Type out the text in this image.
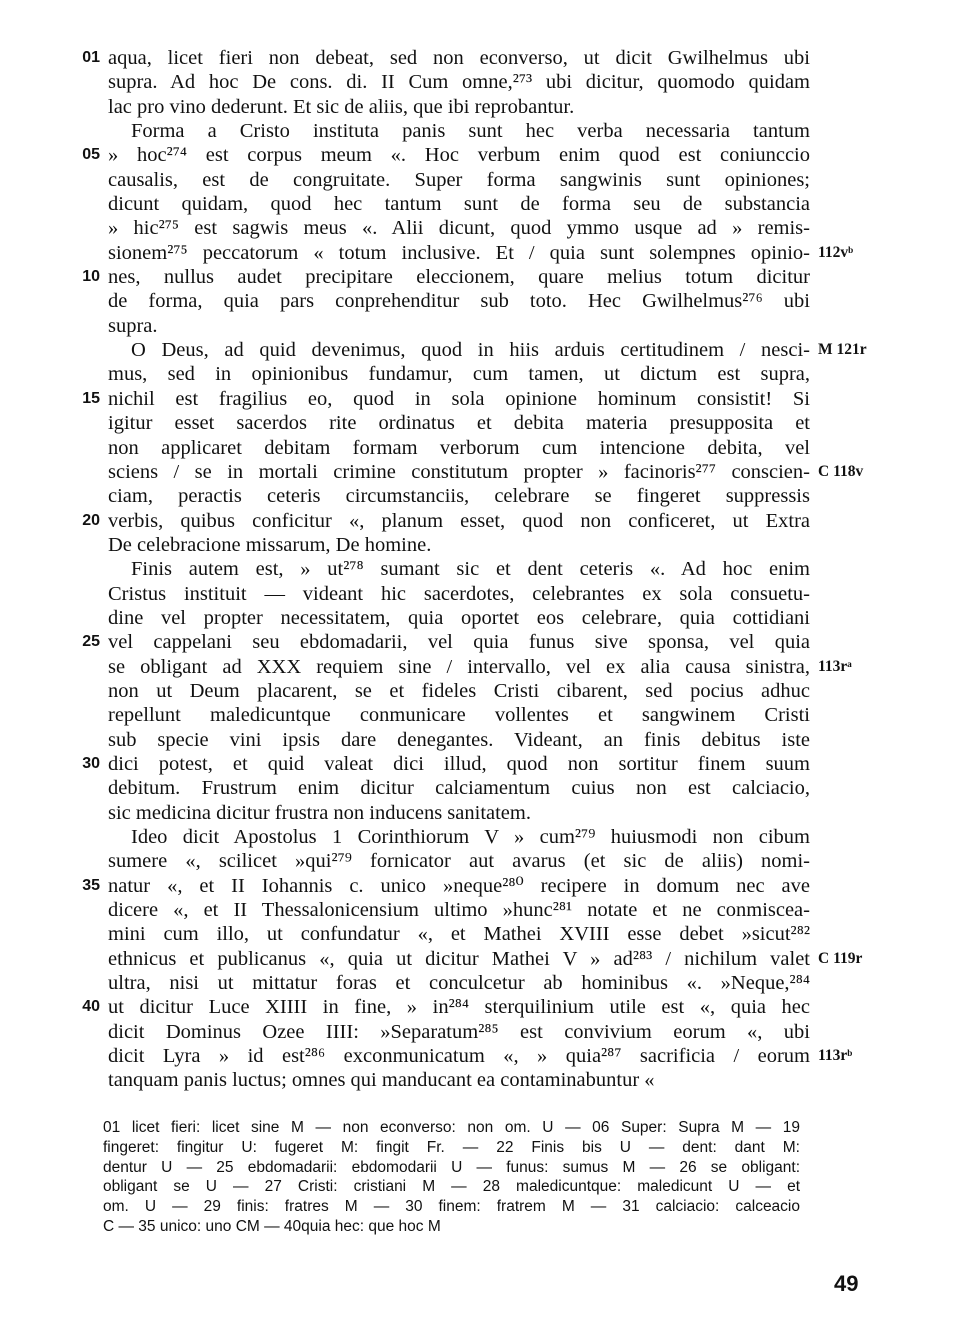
01 aqua, licet fieri non debeat, sed non econverso, ut dicit Gwilhelmus ubi
supra. Ad hoc De cons. di. II Cum omne,²⁷³ ubi dicitur, quomodo quidam
lac pro vino dederunt. Et sic de aliis, que ibi reprobantur.
Forma a Cristo instituta panis sunt hec verba necessaria tantum
05 » hoc²⁷⁴ est corpus meum «. Hoc verbum enim quod est coniunccio
causalis, est de congruitate. Super forma sangwinis sunt opiniones;
dicunt quidam, quod hec tantum sunt de forma seu de substancia
» hic²⁷⁵ est sagwis meus «. Alii dicunt, quod ymmo usque ad » remis-
sionem²⁷⁵ peccatorum « totum inclusive. Et / quia sunt solempnes opinio- 112vᵇ
10 nes, nullus audet precipitare eleccionem, quare melius totum dicitur
de forma, quia pars conprehenditur sub toto. Hec Gwilhelmus²⁷⁶ ubi
supra.
O Deus, ad quid devenimus, quod in hiis arduis certitudinem / nesci- M 121r
mus, sed in opinionibus fundamur, cum tamen, ut dictum est supra,
15 nichil est fragilius eo, quod in sola opinione hominum consistit! Si
igitur esset sacerdos rite ordinatus et debita materia presupposita et
non applicaret debitam formam verborum cum intencione debita, vel
sciens / se in mortali crimine constitutum propter » facinoris²⁷⁷ conscien- C 118v
ciam, peractis ceteris circumstanciis, celebrare se fingeret suppressis
20 verbis, quibus conficitur «, planum esset, quod non conficeret, ut Extra
De celebracione missarum, De homine.
Finis autem est, » ut²⁷⁸ sumant sic et dent ceteris «. Ad hoc enim
Cristus instituit — videant hic sacerdotes, celebrantes ex sola consuetu-
dine vel propter necessitatem, quia oportet eos celebrare, quia cottidiani
25 vel cappelani seu ebdomadarii, vel quia funus sive sponsa, vel quia
se obligant ad XXX requiem sine / intervallo, vel ex alia causa sinistra, 113rᵃ
non ut Deum placarent, se et fideles Cristi cibarent, sed pocius adhuc
repellunt maledicuntque conmunicare vollentes et sangwinem Cristi
sub specie vini ipsis dare denegantes. Videant, an finis debitus iste
30 dici potest, et quid valeat dici illud, quod non sortitur finem suum
debitum. Frustrum enim dicitur calciamentum cuius non est calciacio,
sic medicina dicitur frustra non inducens sanitatem.
Ideo dicit Apostolus 1 Corinthiorum V » cum²⁷⁹ huiusmodi non cibum
sumere «, scilicet »qui²⁷⁹ fornicator aut avarus (et sic de aliis) nomi-
35 natur «, et II Iohannis c. unico »neque²⁸⁰ recipere in domum nec ave
dicere «, et II Thessalonicensium ultimo »hunc²⁸¹ notate et ne conmiscea-
mini cum illo, ut confundatur «, et Mathei XVIII esse debet »sicut²⁸²
ethnicus et publicanus «, quia ut dicitur Mathei V » ad²⁸³ / nichilum valet C 119r
ultra, nisi ut mittatur foras et conculcetur ab hominibus «. »Neque,²⁸⁴
40 ut dicitur Luce XIIII in fine, » in²⁸⁴ sterquilinium utile est «, quia hec
dicit Dominus Ozee IIII: »Separatum²⁸⁵ est convivium eorum «, ubi
dicit Lyra » id est²⁸⁶ exconmunicatum «, » quia²⁸⁷ sacrificia / eorum 113rᵇ
tanquam panis luctus; omnes qui manducant ea contaminabuntur «
01 licet fieri: licet sine M — non econverso: non om. U — 06 Super: Supra M — 19
fingeret: fingitur U: fugeret M: fingit Fr. — 22 Finis bis U — dent: dant M:
dentur U — 25 ebdomadarii: ebdomodarii U — funus: sumus M — 26 se obligant:
obligant se U — 27 Cristi: cristiani M — 28 maledicuntque: maledicunt U — et
om. U — 29 finis: fratres M — 30 finem: fratrem M — 31 calciacio: calceacio
C — 35 unico: uno CM — 40quia hec: que hoc M
49
